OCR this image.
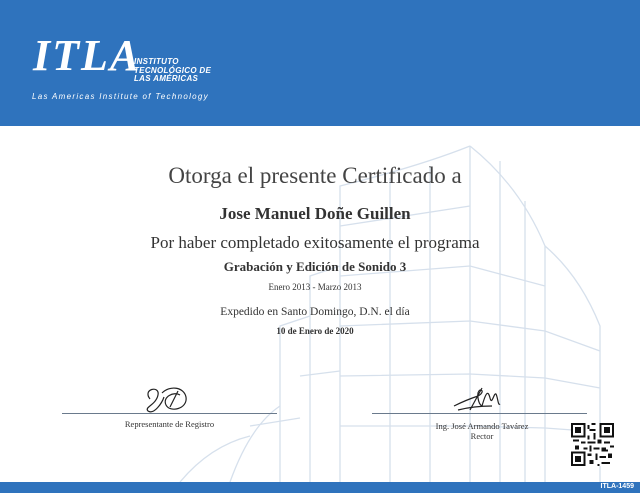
ITLA
INSTITUTO
TECNOLÓGICO DE
LAS AMÉRICAS
Las Americas Institute of Technology
Otorga el presente Certificado a
Jose Manuel Doñe Guillen
Por haber completado exitosamente el programa
Grabación y Edición de Sonido 3
Enero 2013 - Marzo 2013
Expedido en Santo Domingo, D.N. el día
10 de Enero de 2020
Representante de Registro	Ing. José Armando Tavárez
Rector
ITLA-1459
